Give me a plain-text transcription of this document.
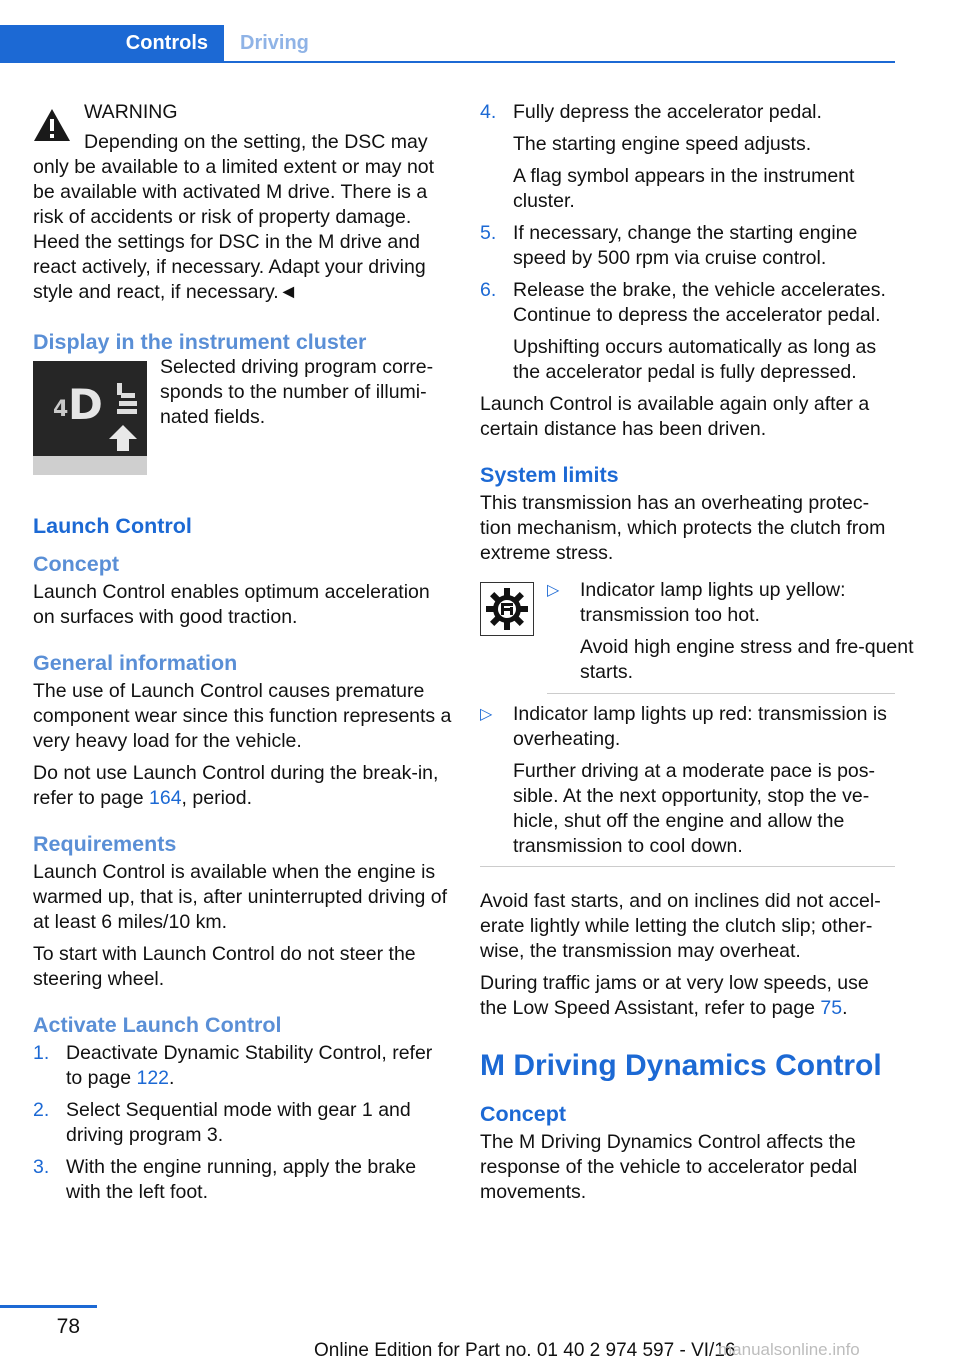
Controls	Driving

WARNING

Depending on the setting, the DSC may

only be available to a limited extent or may not be available with activated M drive. There is a risk of accidents or risk of property damage. Heed the settings for DSC in the M drive and react actively, if necessary. Adapt your driving style and react, if necessary.◄

Display in the instrument cluster
4 D
Selected driving program corre‐sponds to the number of illumi‐nated fields.
Launch Control
Concept

Launch Control enables optimum acceleration on surfaces with good traction.

General information

The use of Launch Control causes premature component wear since this function represents a very heavy load for the vehicle.

Do not use Launch Control during the break-in, refer to page 164, period.

Requirements

Launch Control is available when the engine is warmed up, that is, after uninterrupted driving of at least 6 miles/10 km.

To start with Launch Control do not steer the steering wheel.

Activate Launch Control
1. Deactivate Dynamic Stability Control, refer to page 122.
2. Select Sequential mode with gear 1 and driving program 3.
3. With the engine running, apply the brake with the left foot.
4. Fully depress the accelerator pedal.

The starting engine speed adjusts.

A flag symbol appears in the instrument cluster.

5. If necessary, change the starting engine speed by 500 rpm via cruise control.
6. Release the brake, the vehicle accelerates. Continue to depress the accelerator pedal.

Upshifting occurs automatically as long as the accelerator pedal is fully depressed.

Launch Control is available again only after a certain distance has been driven.

System limits

This transmission has an overheating protec‐tion mechanism, which protects the clutch from extreme stress.

▷ Indicator lamp lights up yellow: transmission too hot.

Avoid high engine stress and fre‐quent starts.

▷ Indicator lamp lights up red: transmission is overheating.

Further driving at a moderate pace is pos‐sible. At the next opportunity, stop the ve‐hicle, shut off the engine and allow the transmission to cool down.

Avoid fast starts, and on inclines did not accel‐erate lightly while letting the clutch slip; other‐wise, the transmission may overheat.

During traffic jams or at very low speeds, use the Low Speed Assistant, refer to page 75.

M Driving Dynamics Control
Concept

The M Driving Dynamics Control affects the response of the vehicle to accelerator pedal movements.

78
Online Edition for Part no. 01 40 2 974 597 - VI/16
manualsonline.info
